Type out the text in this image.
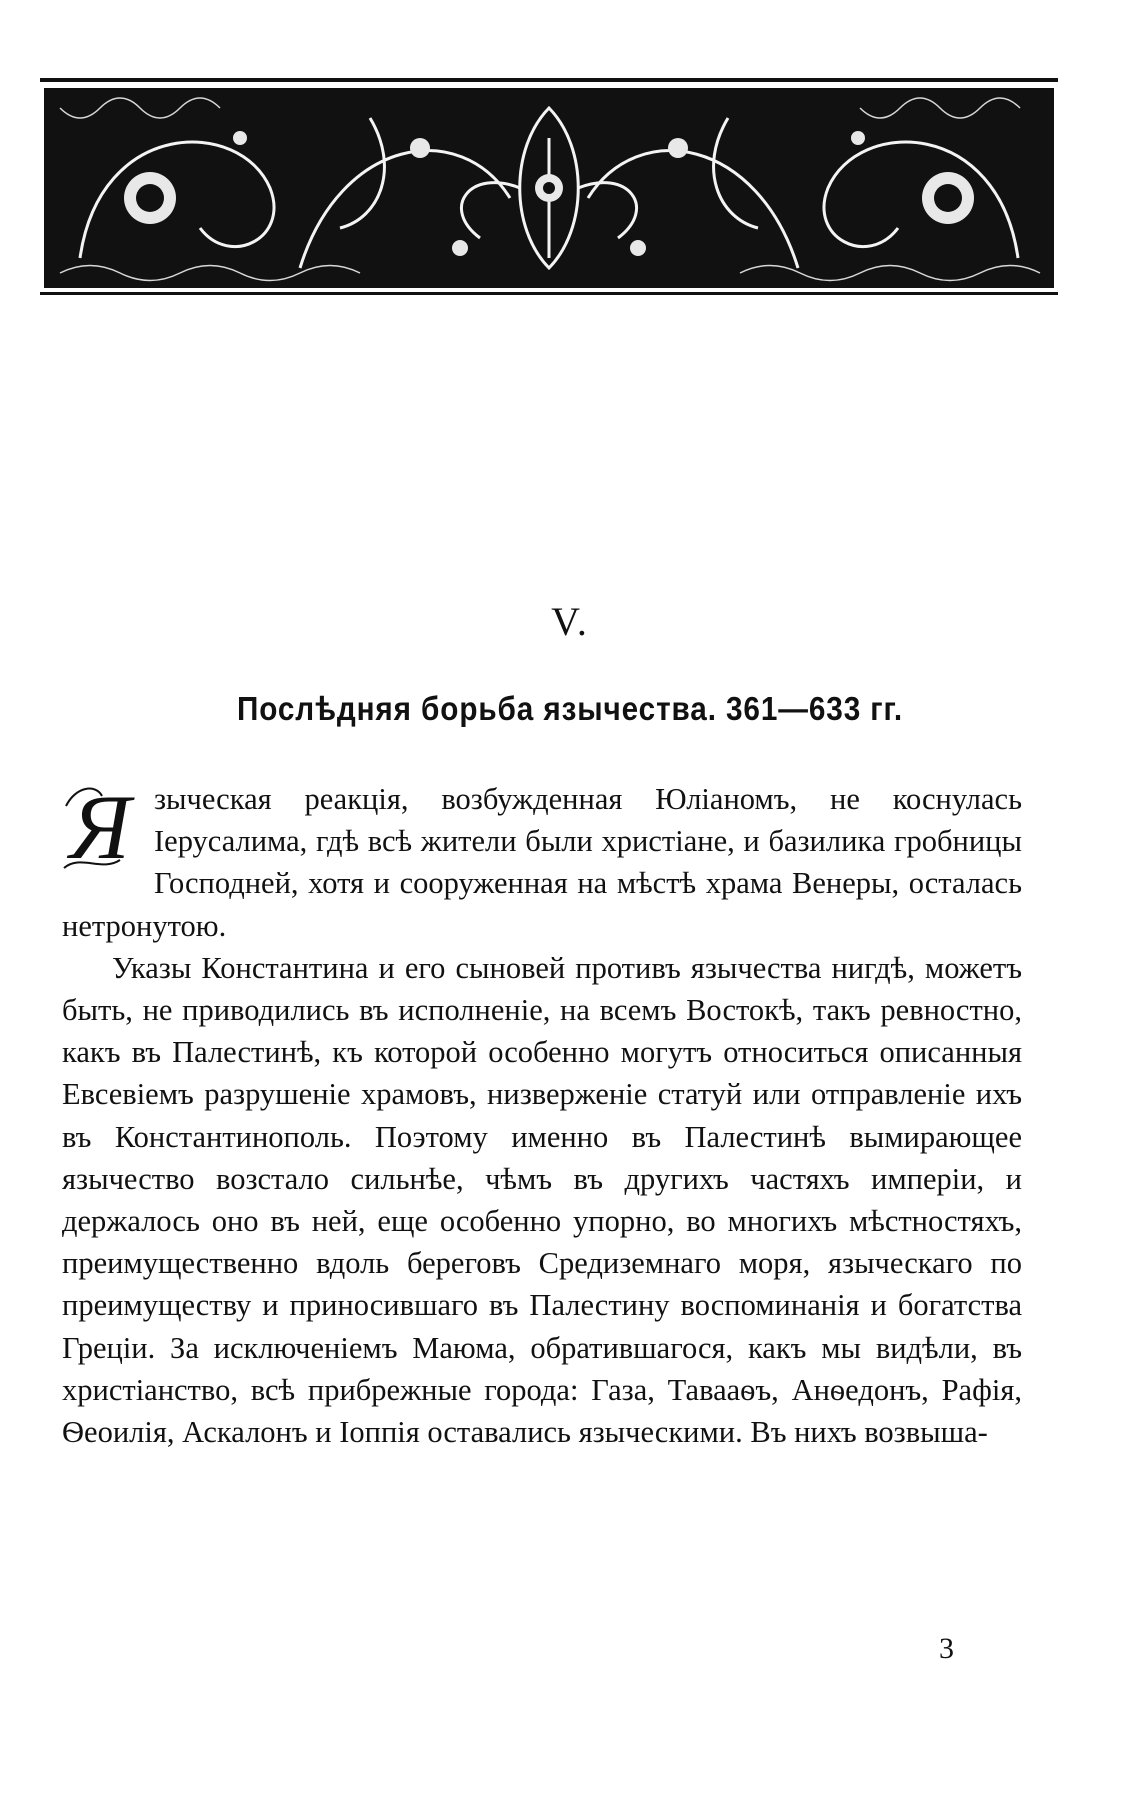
V.
Послѣдняя борьба язычества. 361—633 гг.

Я зыческая реакція, возбужденная Юліаномъ, не коснулась Іерусалима, гдѣ всѣ жители были христіане, и базилика гробницы Господней, хотя и сооруженная на мѣстѣ храма Венеры, осталась нетронутою.

Указы Константина и его сыновей противъ язычества нигдѣ, можетъ быть, не приводились въ исполненіе, на всемъ Востокѣ, такъ ревностно, какъ въ Палестинѣ, къ которой особенно могутъ относиться описанныя Евсевіемъ разрушеніе храмовъ, низверженіе статуй или отправленіе ихъ въ Константинополь. Поэтому именно въ Палестинѣ вымирающее язычество возстало сильнѣе, чѣмъ въ другихъ частяхъ имперіи, и держалось оно въ ней, еще особенно упорно, во многихъ мѣстностяхъ, преимущественно вдоль береговъ Средиземнаго моря, языческаго по преимуществу и приносившаго въ Палестину воспоминанія и богатства Греціи. За исключеніемъ Маюма, обратившагося, какъ мы видѣли, въ христіанство, всѣ прибрежные города: Газа, Тавааѳъ, Анѳедонъ, Рафія, Ѳеоилія, Аскалонъ и Іоппія оставались языческими. Въ нихъ возвыша-

3
